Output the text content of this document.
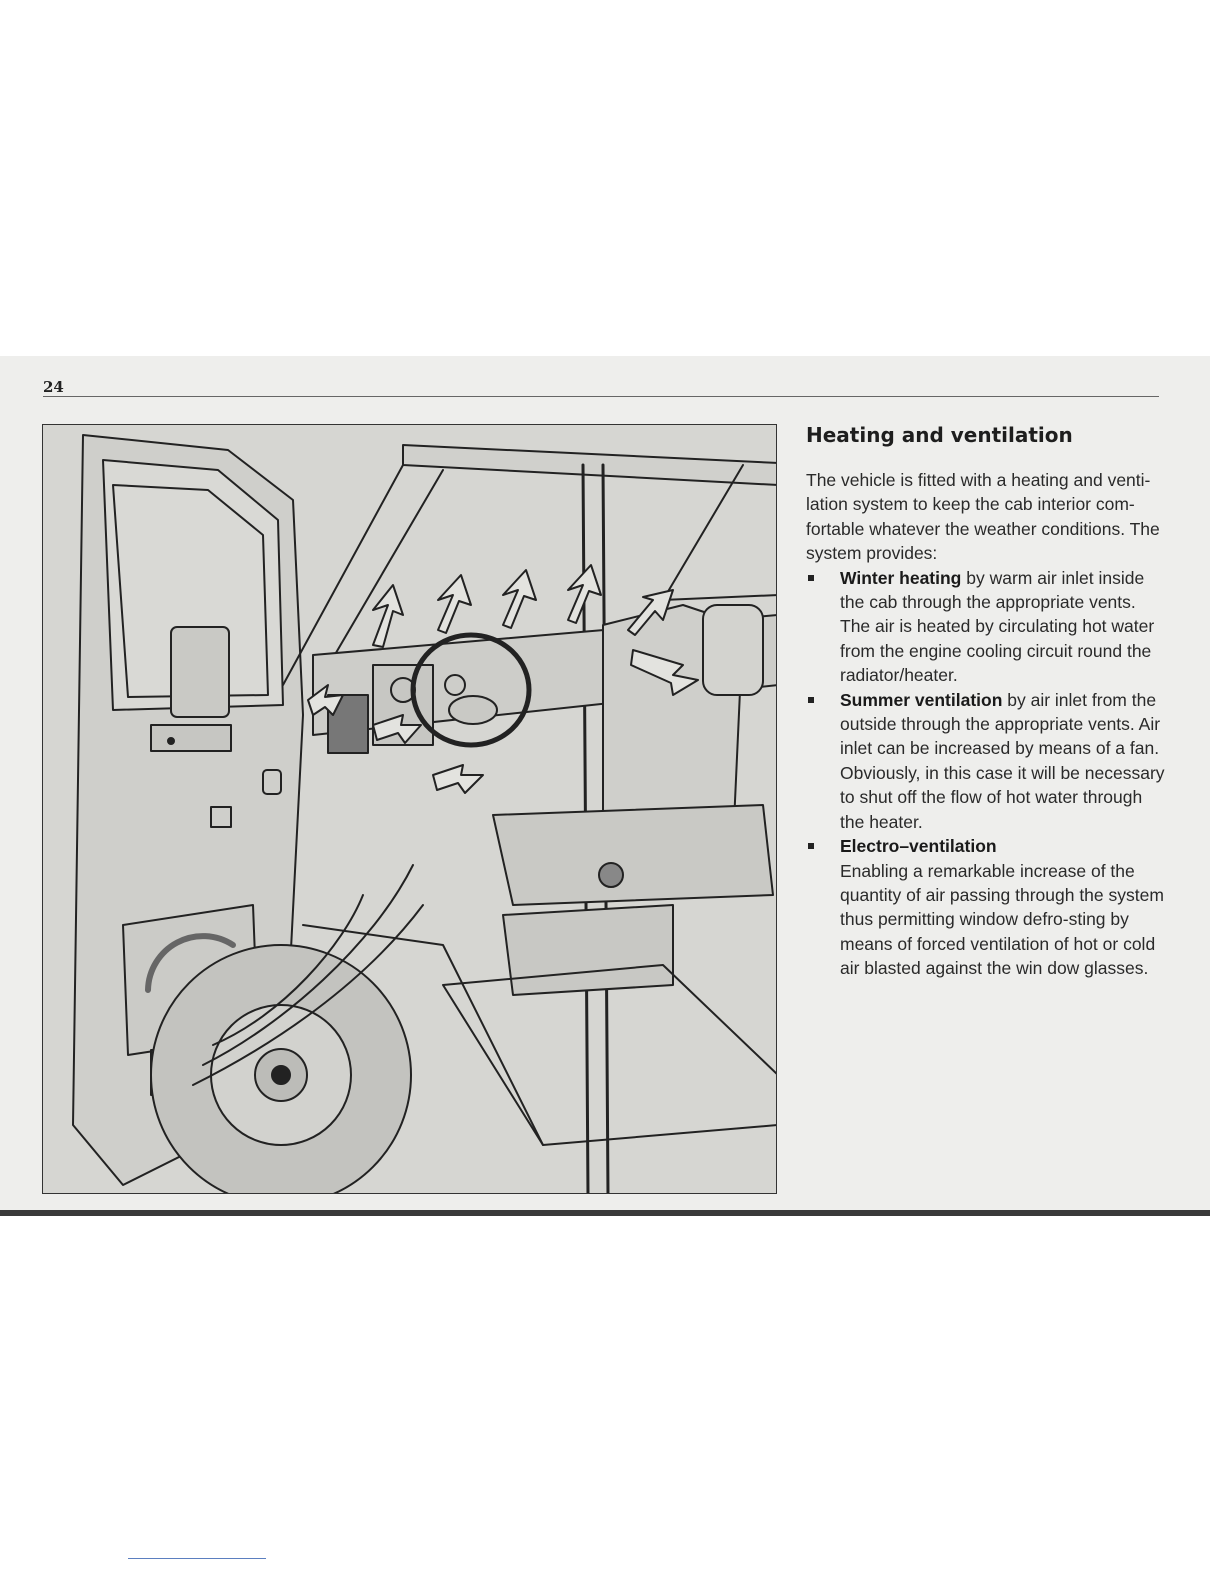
24
Heating and ventilation

The vehicle is fitted with a heating and venti-lation system to keep the cab interior com-fortable whatever the weather conditions. The system provides:

Winter heating by warm air inlet inside the cab through the appropriate vents. The air is heated by circulating hot water from the engine cooling circuit round the radiator/heater.
Summer ventilation by air inlet from the outside through the appropriate vents. Air inlet can be increased by means of a fan. Obviously, in this case it will be necessary to shut off the flow of hot water through the heater.
Electro–ventilation
Enabling a remarkable increase of the quantity of air passing through the system thus permitting window defro-sting by means of forced ventilation of hot or cold air blasted against the win dow glasses.
